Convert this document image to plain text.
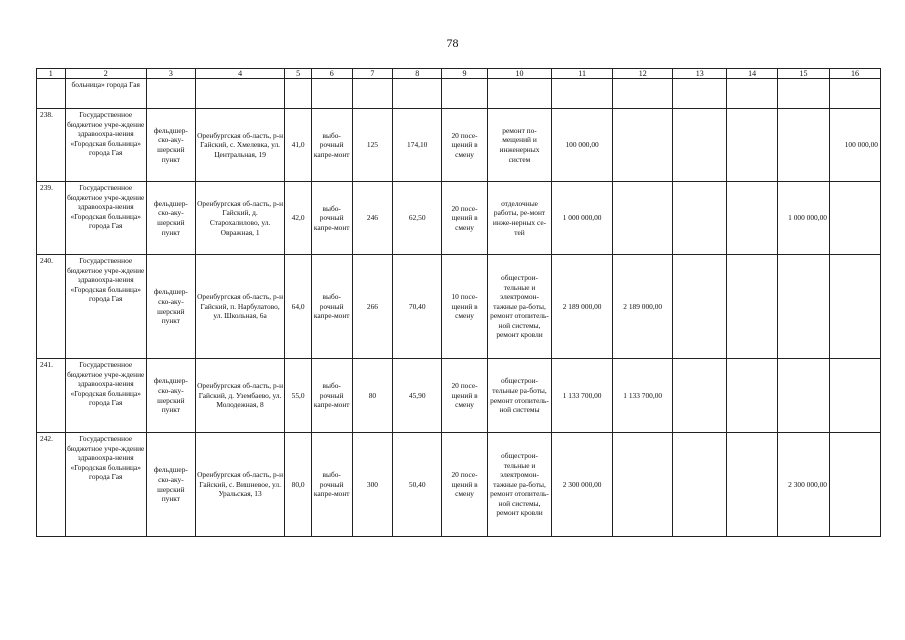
78
1	2	3	4	5	6	7	8	9	10	11	12	13	14	15	16
	больница» города Гая														
238.	Государственное бюджетное учре-ждение здравоохра-нения «Городская больница» города Гая	фельдшер-ско-аку-шерский пункт	Оренбургская об-ласть, р-н Гайский, с. Хмелевка, ул. Центральная, 19	41,0	выбо-рочный капре-монт	125	174,10	20 посе-щений в смену	ремонт по-мещений и инженерных систем	100 000,00					100 000,00
239.	Государственное бюджетное учре-ждение здравоохра-нения «Городская больница» города Гая	фельдшер-ско-аку-шерский пункт	Оренбургская об-ласть, р-н Гайский, д. Старохалилово, ул. Овражная, 1	42,0	выбо-рочный капре-монт	246	62,50	20 посе-щений в смену	отделочные работы, ре-монт инже-нерных се-тей	1 000 000,00				1 000 000,00	
240.	Государственное бюджетное учре-ждение здравоохра-нения «Городская больница» города Гая	фельдшер-ско-аку-шерский пункт	Оренбургская об-ласть, р-н Гайский, п. Нарбулатово, ул. Школьная, 6а	64,0	выбо-рочный капре-монт	266	70,40	10 посе-щений в смену	общестрои-тельные и электромон-тажные ра-боты, ремонт отопитель-ной системы, ремонт кровли	2 189 000,00	2 189 000,00				
241.	Государственное бюджетное учре-ждение здравоохра-нения «Городская больница» города Гая	фельдшер-ско-аку-шерский пункт	Оренбургская об-ласть, р-н Гайский, д. Узембаево, ул. Молодежная, 8	55,0	выбо-рочный капре-монт	80	45,90	20 посе-щений в смену	общестрои-тельные ра-боты, ремонт отопитель-ной системы	1 133 700,00	1 133 700,00				
242.	Государственное бюджетное учре-ждение здравоохра-нения «Городская больница» города Гая	фельдшер-ско-аку-шерский пункт	Оренбургская об-ласть, р-н Гайский, с. Вишневое, ул. Уральская, 13	80,0	выбо-рочный капре-монт	300	50,40	20 посе-щений в смену	общестрои-тельные и электромон-тажные ра-боты, ремонт отопитель-ной системы, ремонт кровли	2 300 000,00				2 300 000,00	
